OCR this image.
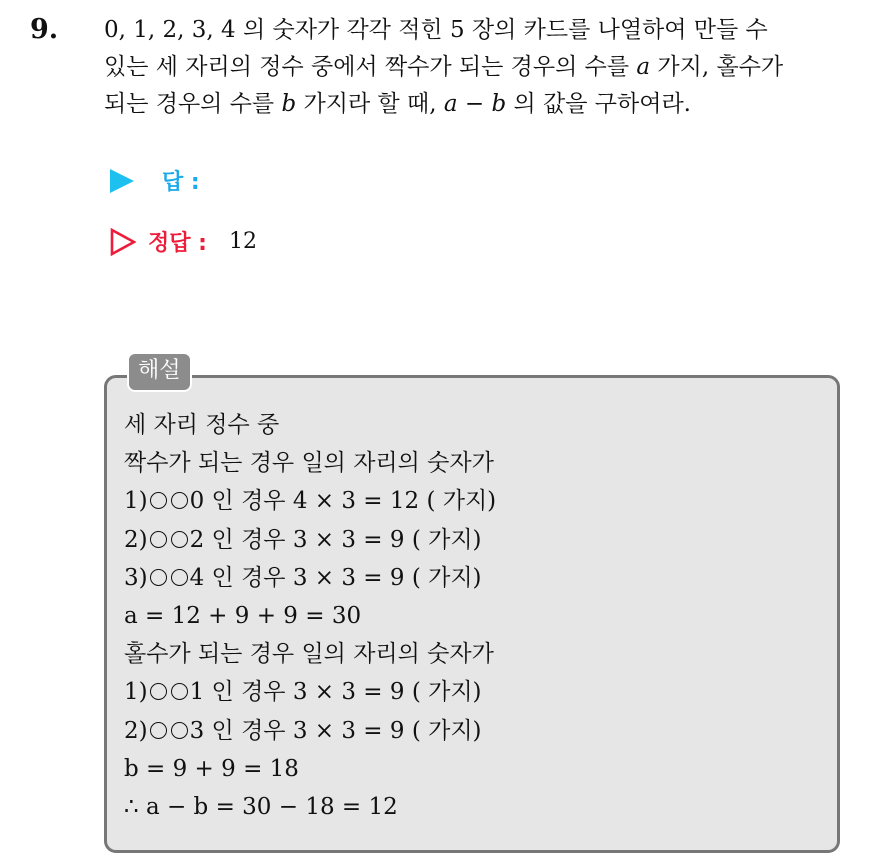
9. 0, 1, 2, 3, 4 의 숫자가 각각 적힌 5 장의 카드를 나열하여 만들 수
있는 세 자리의 정수 중에서 짝수가 되는 경우의 수를 a 가지, 홀수가
되는 경우의 수를 b 가지라 할 때, a − b 의 값을 구하여라.
답 :
정답 : 12
해설
세 자리 정수 중
짝수가 되는 경우 일의 자리의 숫자가
1) 0 인 경우 4 × 3 = 12 ( 가지)
2) 2 인 경우 3 × 3 = 9 ( 가지)
3) 4 인 경우 3 × 3 = 9 ( 가지)
a = 12 + 9 + 9 = 30
홀수가 되는 경우 일의 자리의 숫자가
1) 1 인 경우 3 × 3 = 9 ( 가지)
2) 3 인 경우 3 × 3 = 9 ( 가지)
b = 9 + 9 = 18
∴ a − b = 30 − 18 = 12
